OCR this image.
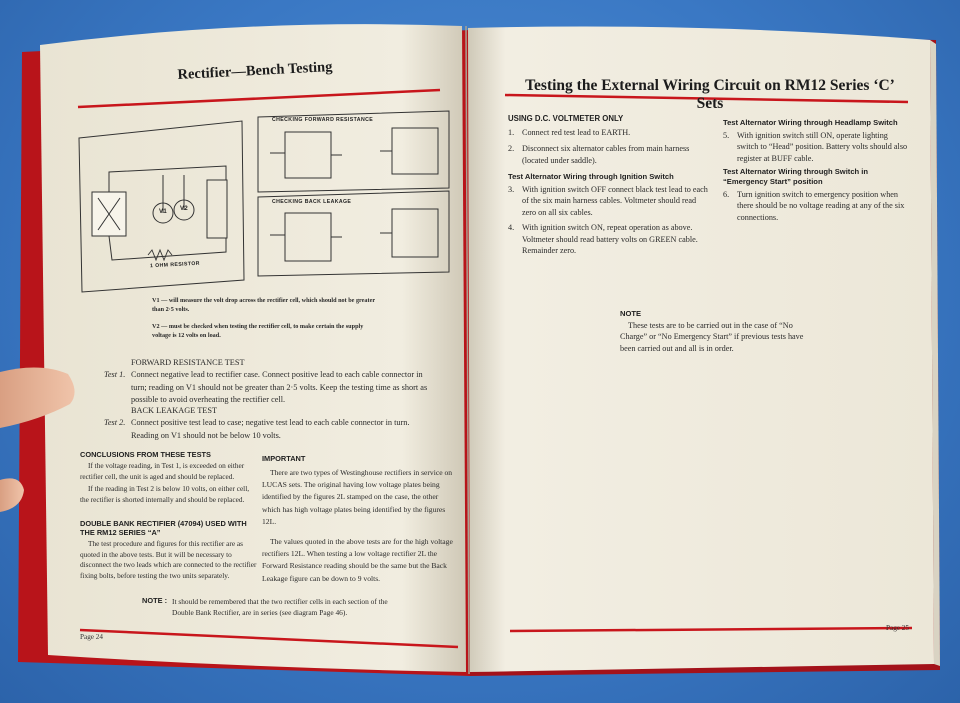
Rectifier—Bench Testing
1 OHM RESISTOR
V1 V2
CHECKING FORWARD RESISTANCE
CHECKING BACK LEAKAGE
V1 — will measure the volt drop across the rectifier cell, which should not be greater than 2·5 volts.
V2 — must be checked when testing the rectifier cell, to make certain the supply voltage is 12 volts on load.
FORWARD RESISTANCE TEST
Test 1. Connect negative lead to rectifier case. Connect positive lead to each cable connector in turn; reading on V1 should not be greater than 2·5 volts. Keep the testing time as short as possible to avoid overheating the rectifier cell.
BACK LEAKAGE TEST
Test 2. Connect positive test lead to case; negative test lead to each cable connector in turn. Reading on V1 should not be below 10 volts.
CONCLUSIONS FROM THESE TESTS
If the voltage reading, in Test 1, is exceeded on either rectifier cell, the unit is aged and should be replaced.
If the reading in Test 2 is below 10 volts, on either cell, the rectifier is shorted internally and should be replaced.
DOUBLE BANK RECTIFIER (47094) USED WITH THE RM12 SERIES “A”
The test procedure and figures for this rectifier are as quoted in the above tests. But it will be necessary to disconnect the two leads which are connected to the rectifier fixing bolts, before testing the two units separately.
IMPORTANT
There are two types of Westinghouse rectifiers in service on LUCAS sets. The original having low voltage plates being identified by the figures 2L stamped on the case, the other which has high voltage plates being identified by the figures 12L.
The values quoted in the above tests are for the high voltage rectifiers 12L. When testing a low voltage rectifier 2L the Forward Resistance reading should be the same but the Back Leakage figure can be down to 9 volts.
NOTE : It should be remembered that the two rectifier cells in each section of the Double Bank Rectifier, are in series (see diagram Page 46).
Page 24
Testing the External Wiring Circuit on RM12 Series ‘C’ Sets
USING D.C. VOLTMETER ONLY
1. Connect red test lead to EARTH.
2. Disconnect six alternator cables from main harness (located under saddle).
Test Alternator Wiring through Ignition Switch
3. With ignition switch OFF connect black test lead to each of the six main harness cables. Voltmeter should read zero on all six cables.
4. With ignition switch ON, repeat operation as above. Voltmeter should read battery volts on GREEN cable. Remainder zero.
Test Alternator Wiring through Headlamp Switch
5. With ignition switch still ON, operate lighting switch to “Head” position. Battery volts should also register at BUFF cable.
Test Alternator Wiring through Switch in “Emergency Start” position
6. Turn ignition switch to emergency position when there should be no voltage reading at any of the six connections.
NOTE
These tests are to be carried out in the case of “No Charge” or “No Emergency Start” if previous tests have been carried out and all is in order.
Page 25
